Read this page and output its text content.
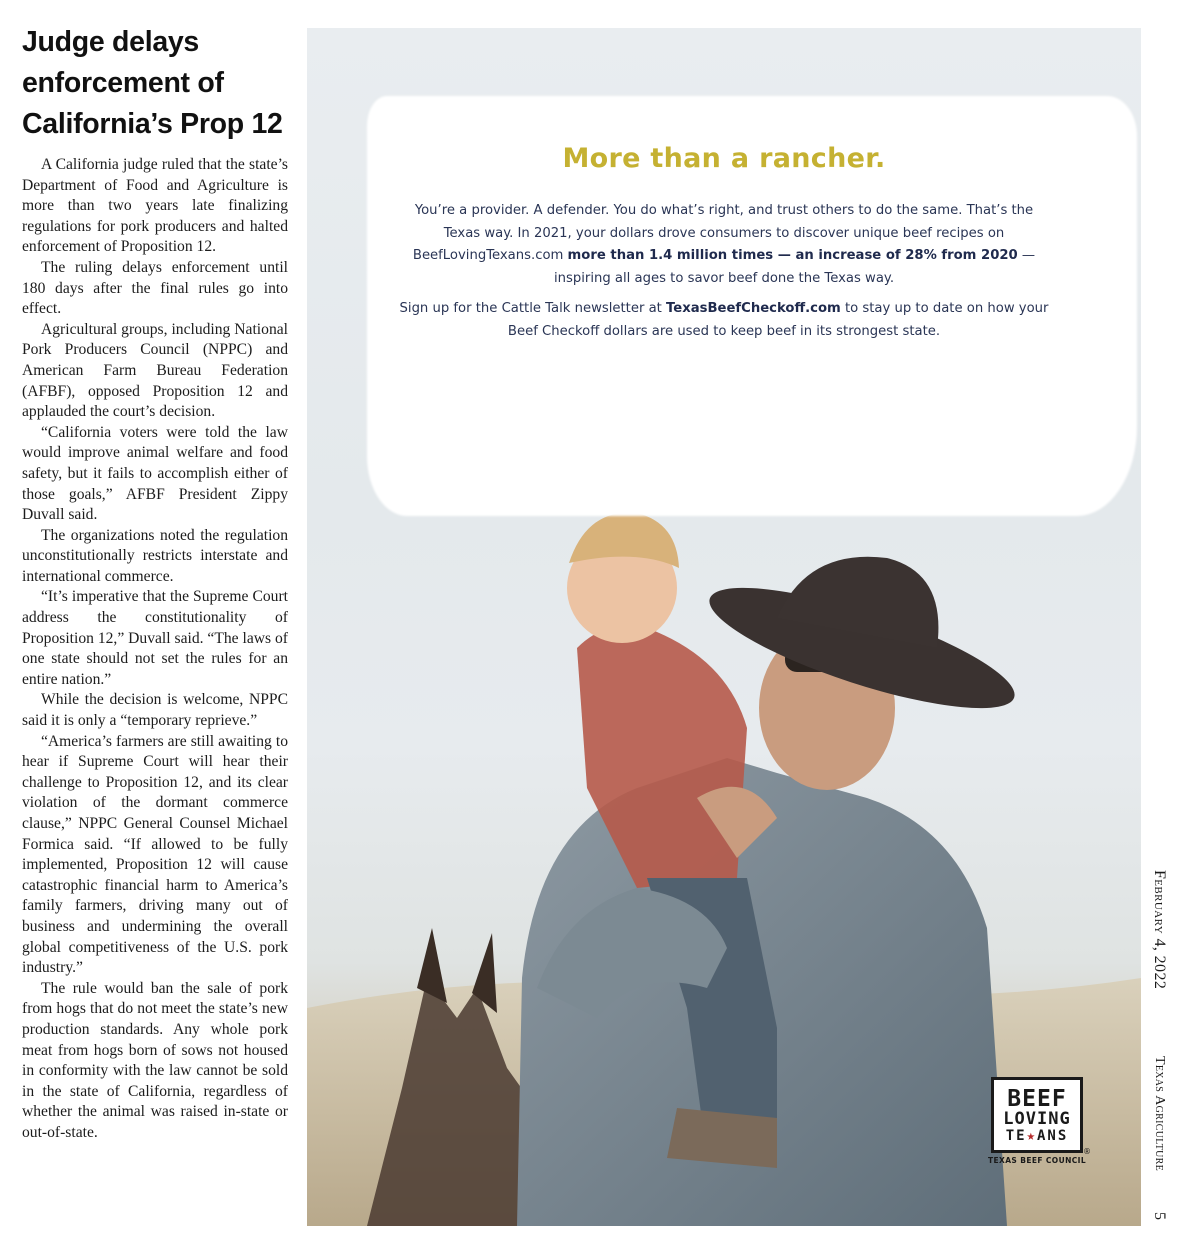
Judge delays enforcement of California’s Prop 12

A California judge ruled that the state’s Department of Food and Agriculture is more than two years late finalizing regulations for pork producers and halted enforcement of Proposition 12.

The ruling delays enforcement until 180 days after the final rules go into effect.

Agricultural groups, including National Pork Producers Council (NPPC) and American Farm Bureau Federation (AFBF), opposed Proposition 12 and applauded the court’s decision.

“California voters were told the law would improve animal welfare and food safety, but it fails to accomplish either of those goals,” AFBF President Zippy Duvall said.

The organizations noted the regulation unconstitutionally restricts interstate and international commerce.

“It’s imperative that the Supreme Court address the constitutionality of Proposition 12,” Duvall said. “The laws of one state should not set the rules for an entire nation.”

While the decision is welcome, NPPC said it is only a “temporary reprieve.”

“America’s farmers are still awaiting to hear if Supreme Court will hear their challenge to Proposition 12, and its clear violation of the dormant commerce clause,” NPPC General Counsel Michael Formica said. “If allowed to be fully implemented, Proposition 12 will cause catastrophic financial harm to America’s family farmers, driving many out of business and undermining the overall global competitiveness of the U.S. pork industry.”

The rule would ban the sale of pork from hogs that do not meet the state’s new production standards. Any whole pork meat from hogs born of sows not housed in conformity with the law cannot be sold in the state of California, regardless of whether the animal was raised in-state or out-of-state.

More than a rancher.

You’re a provider. A defender. You do what’s right, and trust others to do the same. That’s the Texas way. In 2021, your dollars drove consumers to discover unique beef recipes on BeefLovingTexans.com more than 1.4 million times — an increase of 28% from 2020 — inspiring all ages to savor beef done the Texas way.

Sign up for the Cattle Talk newsletter at TexasBeefCheckoff.com to stay up to date on how your Beef Checkoff dollars are used to keep beef in its strongest state.

BEEF
LOVING
TE★ANS
®
TEXAS BEEF COUNCIL
February 4, 2022
Texas Agriculture
5
